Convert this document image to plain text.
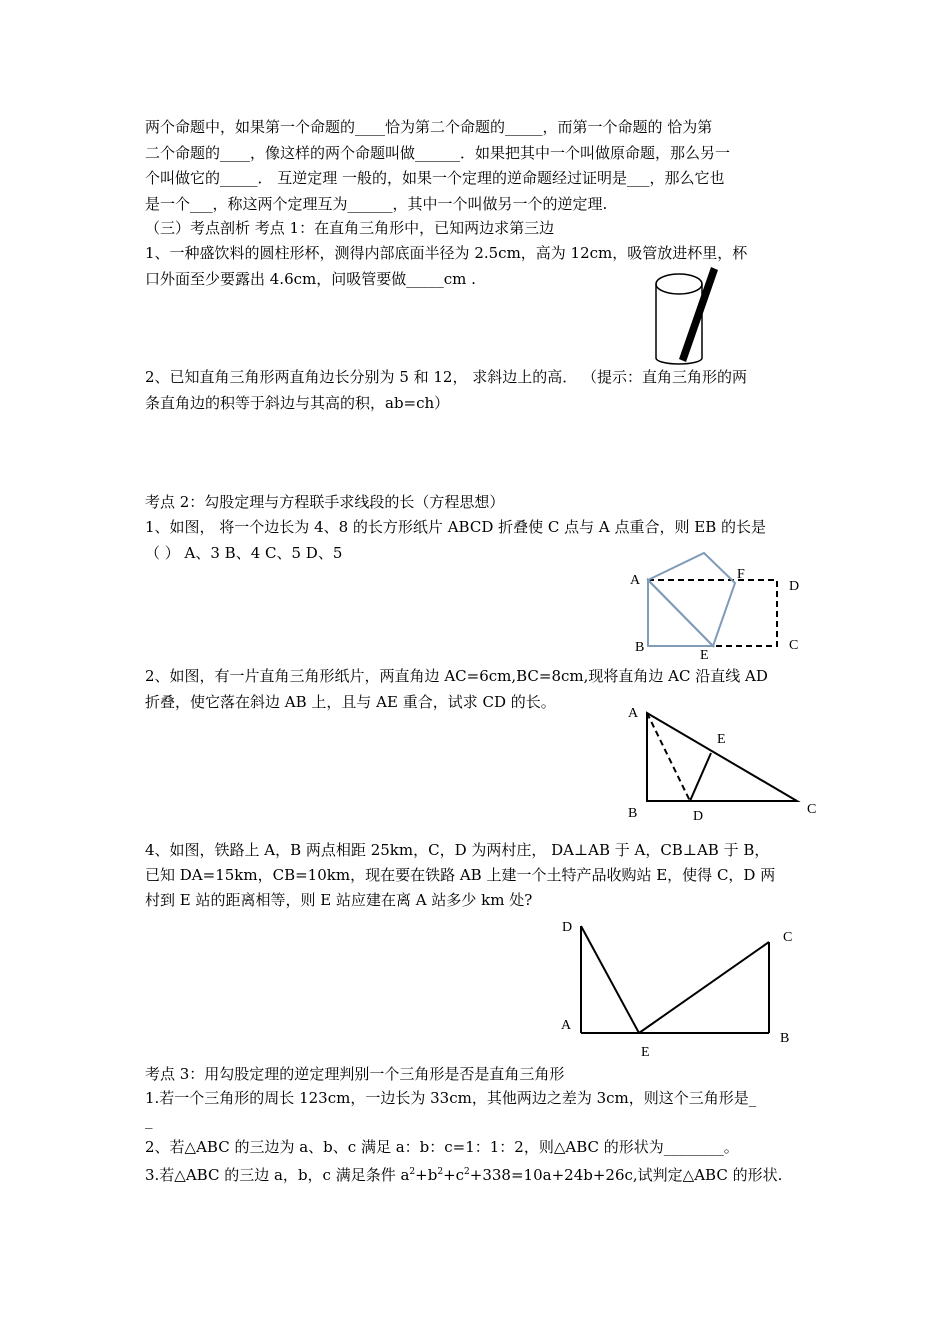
两个命题中，如果第一个命题的____恰为第二个命题的_____，而第一个命题的 恰为第
二个命题的____，像这样的两个命题叫做______．如果把其中一个叫做原命题，那么另一
个叫做它的_____． 互逆定理 一般的，如果一个定理的逆命题经过证明是___，那么它也
是一个___，称这两个定理互为______，其中一个叫做另一个的逆定理.
（三）考点剖析 考点 1：在直角三角形中，已知两边求第三边
1、一种盛饮料的圆柱形杯，测得内部底面半径为 2.5cm，高为 12cm，吸管放进杯里，杯
口外面至少要露出 4.6cm，问吸管要做_____cm .
2、已知直角三角形两直角边长分别为 5 和 12， 求斜边上的高． （提示：直角三角形的两
条直角边的积等于斜边与其高的积，ab=ch）
考点 2：勾股定理与方程联手求线段的长（方程思想）
1、如图， 将一个边长为 4、8 的长方形纸片 ABCD 折叠使 C 点与 A 点重合，则 EB 的长是
（ ） A、3 B、4 C、5 D、5
A	F
D
B
E
C
2、如图，有一片直角三角形纸片，两直角边 AC=6cm,BC=8cm,现将直角边 AC 沿直线 AD
折叠，使它落在斜边 AB 上，且与 AE 重合，试求 CD 的长。
A
E
B	D	C
4、如图，铁路上 A，B 两点相距 25km，C，D 为两村庄， DA⊥AB 于 A，CB⊥AB 于 B，
已知 DA=15km，CB=10km，现在要在铁路 AB 上建一个土特产品收购站 E，使得 C，D 两
村到 E 站的距离相等，则 E 站应建在离 A 站多少 km 处?
D
C
A
B
E
考点 3：用勾股定理的逆定理判别一个三角形是否是直角三角形
1.若一个三角形的周长 123cm，一边长为 33cm，其他两边之差为 3cm，则这个三角形是_
_
2、若△ABC 的三边为 a、b、c 满足 a：b：c=1：1：2，则△ABC 的形状为________。
3.若△ABC 的三边 a，b，c 满足条件 $a^2+b^2+c^2+338=10a+24b+26c$,试判定△ABC 的形状.
